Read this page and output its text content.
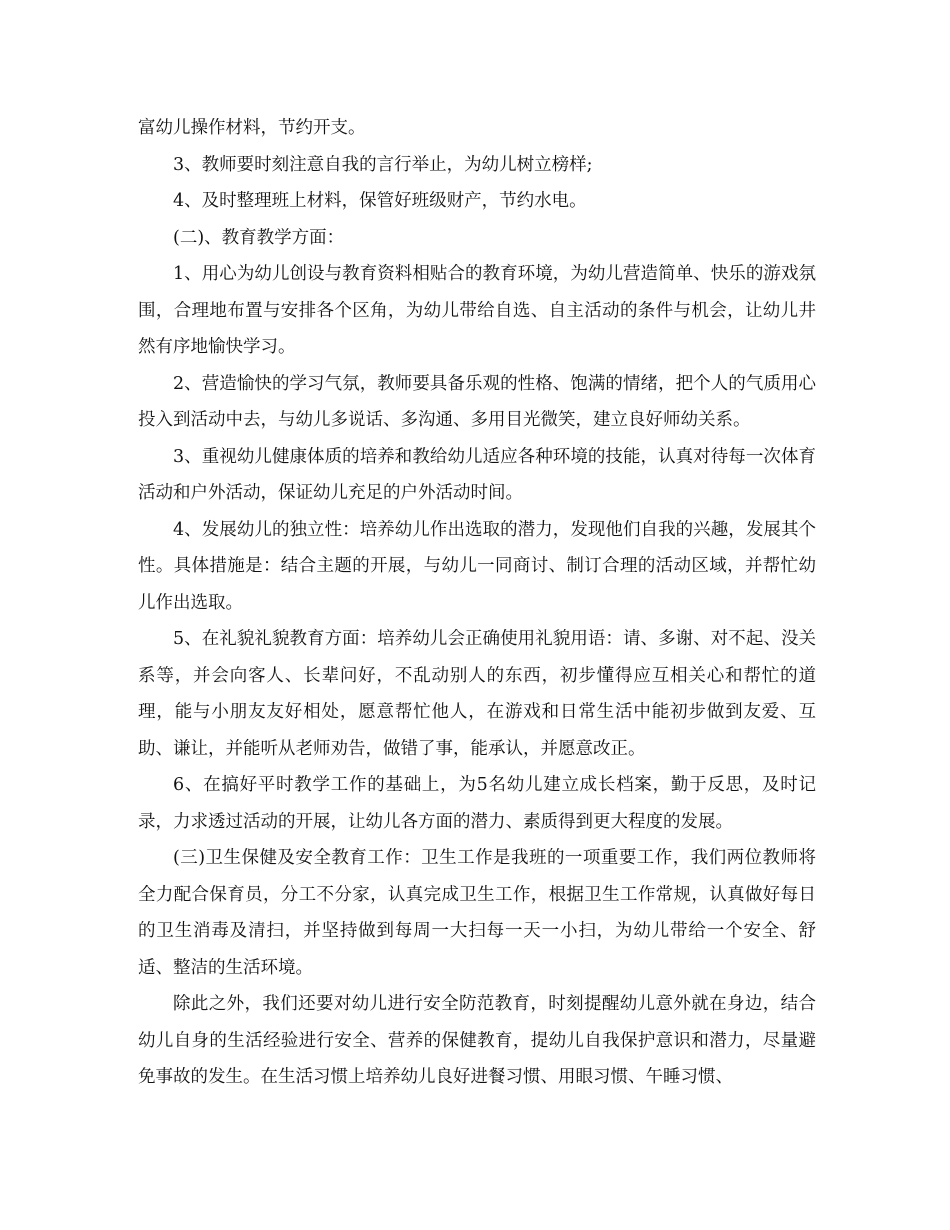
富幼儿操作材料，节约开支。

3、教师要时刻注意自我的言行举止，为幼儿树立榜样;

4、及时整理班上材料，保管好班级财产，节约水电。

(二)、教育教学方面：

1、用心为幼儿创设与教育资料相贴合的教育环境，为幼儿营造简单、快乐的游戏氛围，合理地布置与安排各个区角，为幼儿带给自选、自主活动的条件与机会，让幼儿井然有序地愉快学习。

2、营造愉快的学习气氛，教师要具备乐观的性格、饱满的情绪，把个人的气质用心投入到活动中去，与幼儿多说话、多沟通、多用目光微笑，建立良好师幼关系。

3、重视幼儿健康体质的培养和教给幼儿适应各种环境的技能，认真对待每一次体育活动和户外活动，保证幼儿充足的户外活动时间。

4、发展幼儿的独立性：培养幼儿作出选取的潜力，发现他们自我的兴趣，发展其个性。具体措施是：结合主题的开展，与幼儿一同商讨、制订合理的活动区域，并帮忙幼儿作出选取。

5、在礼貌礼貌教育方面：培养幼儿会正确使用礼貌用语：请、多谢、对不起、没关系等，并会向客人、长辈问好，不乱动别人的东西，初步懂得应互相关心和帮忙的道理，能与小朋友友好相处，愿意帮忙他人，在游戏和日常生活中能初步做到友爱、互助、谦让，并能听从老师劝告，做错了事，能承认，并愿意改正。

6、在搞好平时教学工作的基础上，为5名幼儿建立成长档案，勤于反思，及时记录，力求透过活动的开展，让幼儿各方面的潜力、素质得到更大程度的发展。

(三)卫生保健及安全教育工作：卫生工作是我班的一项重要工作，我们两位教师将全力配合保育员，分工不分家，认真完成卫生工作，根据卫生工作常规，认真做好每日的卫生消毒及清扫，并坚持做到每周一大扫每一天一小扫，为幼儿带给一个安全、舒适、整洁的生活环境。

除此之外，我们还要对幼儿进行安全防范教育，时刻提醒幼儿意外就在身边，结合幼儿自身的生活经验进行安全、营养的保健教育，提幼儿自我保护意识和潜力，尽量避免事故的发生。在生活习惯上培养幼儿良好进餐习惯、用眼习惯、午睡习惯、
